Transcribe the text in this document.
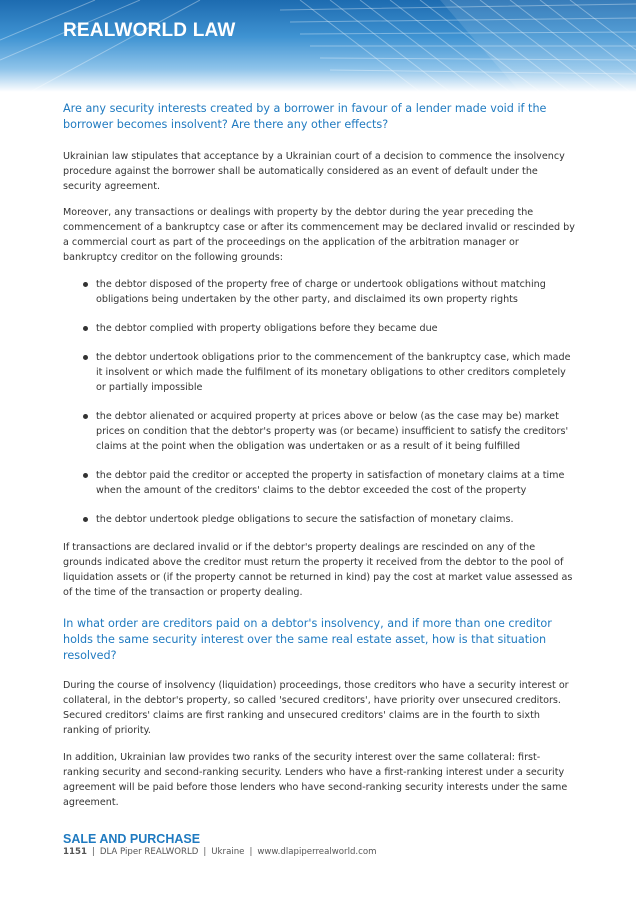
REALWORLD LAW

Are any security interests created by a borrower in favour of a lender made void if the borrower becomes insolvent? Are there any other effects?

Ukrainian law stipulates that acceptance by a Ukrainian court of a decision to commence the insolvency procedure against the borrower shall be automatically considered as an event of default under the security agreement.

Moreover, any transactions or dealings with property by the debtor during the year preceding the commencement of a bankruptcy case or after its commencement may be declared invalid or rescinded by a commercial court as part of the proceedings on the application of the arbitration manager or bankruptcy creditor on the following grounds:

the debtor disposed of the property free of charge or undertook obligations without matching obligations being undertaken by the other party, and disclaimed its own property rights
the debtor complied with property obligations before they became due
the debtor undertook obligations prior to the commencement of the bankruptcy case, which made it insolvent or which made the fulfilment of its monetary obligations to other creditors completely or partially impossible
the debtor alienated or acquired property at prices above or below (as the case may be) market prices on condition that the debtor's property was (or became) insufficient to satisfy the creditors' claims at the point when the obligation was undertaken or as a result of it being fulfilled
the debtor paid the creditor or accepted the property in satisfaction of monetary claims at a time when the amount of the creditors' claims to the debtor exceeded the cost of the property
the debtor undertook pledge obligations to secure the satisfaction of monetary claims.

If transactions are declared invalid or if the debtor's property dealings are rescinded on any of the grounds indicated above the creditor must return the property it received from the debtor to the pool of liquidation assets or (if the property cannot be returned in kind) pay the cost at market value assessed as of the time of the transaction or property dealing.

In what order are creditors paid on a debtor's insolvency, and if more than one creditor holds the same security interest over the same real estate asset, how is that situation resolved?

During the course of insolvency (liquidation) proceedings, those creditors who have a security interest or collateral, in the debtor's property, so called 'secured creditors', have priority over unsecured creditors. Secured creditors' claims are first ranking and unsecured creditors' claims are in the fourth to sixth ranking of priority.

In addition, Ukrainian law provides two ranks of the security interest over the same collateral: first-ranking security and second-ranking security. Lenders who have a first-ranking interest under a security agreement will be paid before those lenders who have second-ranking security interests under the same agreement.

SALE AND PURCHASE

1151 | DLA Piper REALWORLD | Ukraine | www.dlapiperrealworld.com
